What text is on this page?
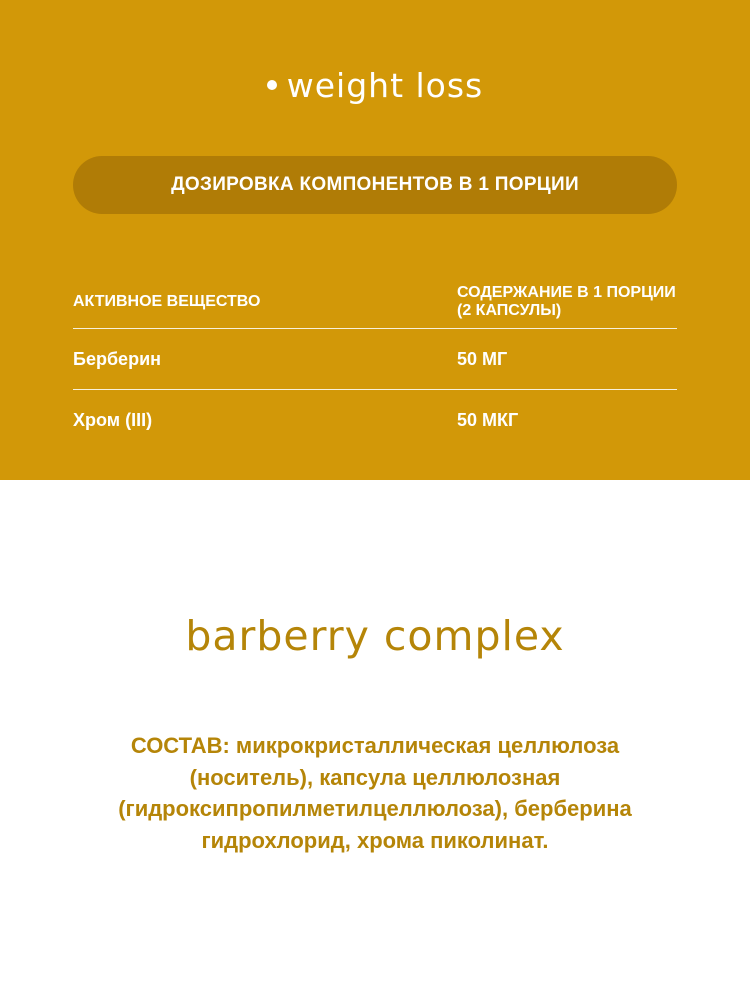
weight loss
ДОЗИРОВКА КОМПОНЕНТОВ В 1 ПОРЦИИ
АКТИВНОЕ ВЕЩЕСТВО
СОДЕРЖАНИЕ В 1 ПОРЦИИ (2 КАПСУЛЫ)
Берберин	50 МГ
Хром (III)	50 МКГ
barberry complex
СОСТАВ: микрокристаллическая целлюлоза (носитель), капсула целлюлозная (гидроксипропилметилцеллюлоза), берберина гидрохлорид, хрома пиколинат.
